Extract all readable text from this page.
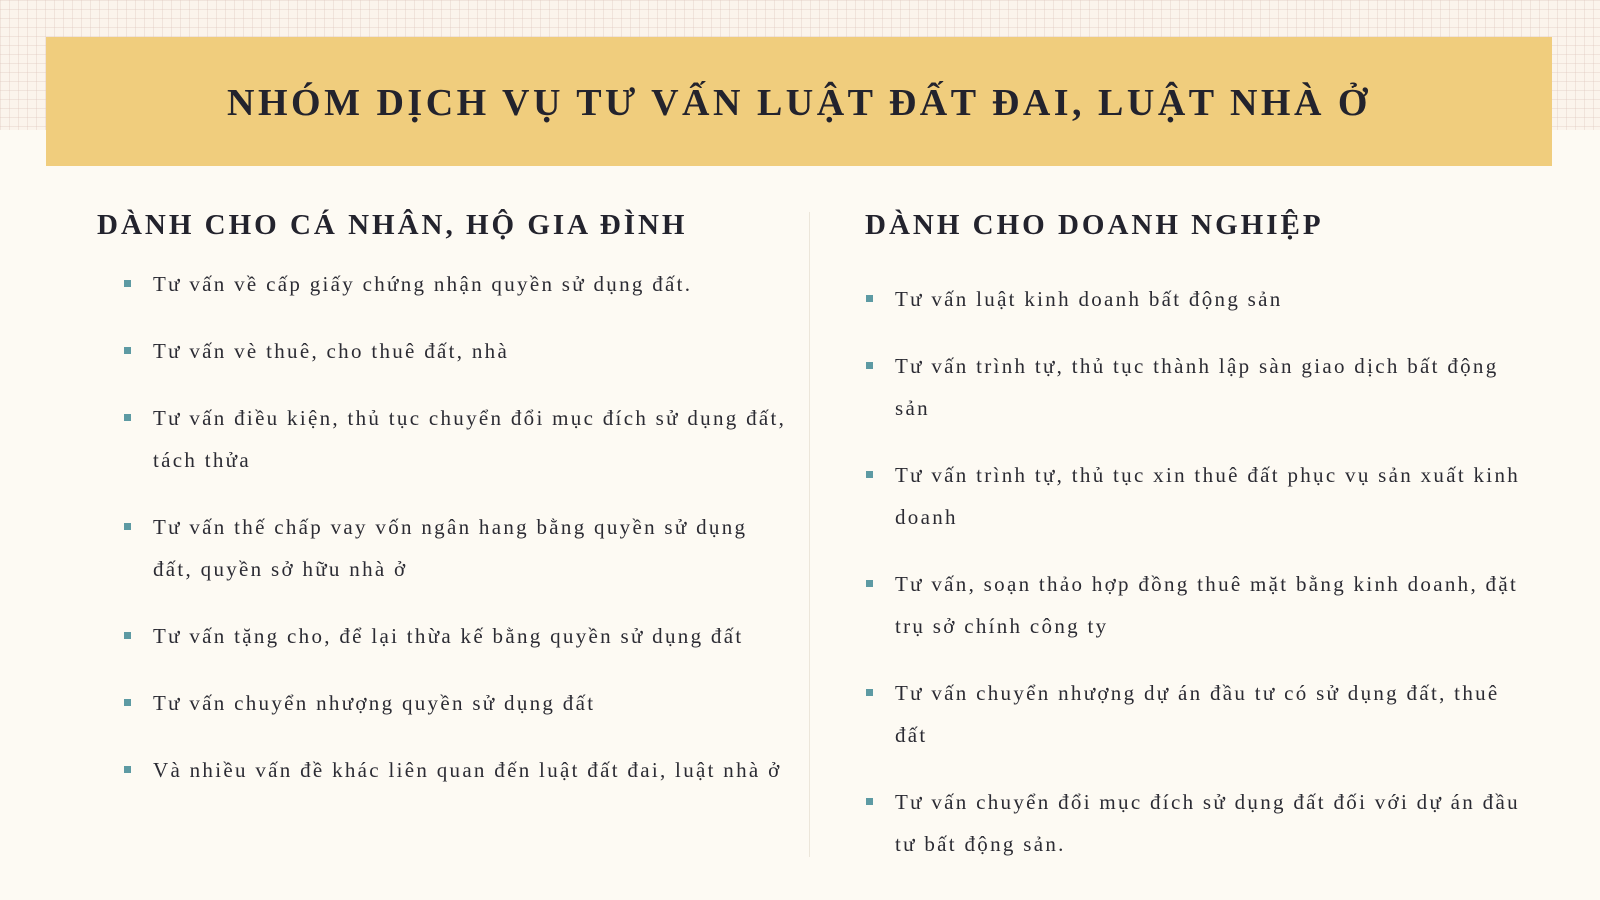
NHÓM DỊCH VỤ TƯ VẤN LUẬT ĐẤT ĐAI, LUẬT NHÀ Ở
DÀNH CHO CÁ NHÂN, HỘ GIA ĐÌNH
Tư vấn về cấp giấy chứng nhận quyền sử dụng đất.
Tư vấn vè thuê, cho thuê đất, nhà
Tư vấn điều kiện, thủ tục chuyển đổi mục đích sử dụng đất, tách thửa
Tư vấn thế chấp vay vốn ngân hang bằng quyền sử dụng đất, quyền sở hữu nhà ở
Tư vấn tặng cho, để lại thừa kế bằng quyền sử dụng đất
Tư vấn chuyển nhượng quyền sử dụng đất
Và nhiều vấn đề khác liên quan đến luật đất đai, luật nhà ở
DÀNH CHO DOANH NGHIỆP
Tư vấn luật kinh doanh bất động sản
Tư vấn trình tự, thủ tục thành lập sàn giao dịch bất động sản
Tư vấn trình tự, thủ tục xin thuê đất phục vụ sản xuất kinh doanh
Tư vấn, soạn thảo hợp đồng thuê mặt bằng kinh doanh, đặt trụ sở chính công ty
Tư vấn chuyển nhượng dự án đầu tư có sử dụng đất, thuê đất
Tư vấn chuyển đổi mục đích sử dụng đất đối với dự án đầu tư bất động sản.
